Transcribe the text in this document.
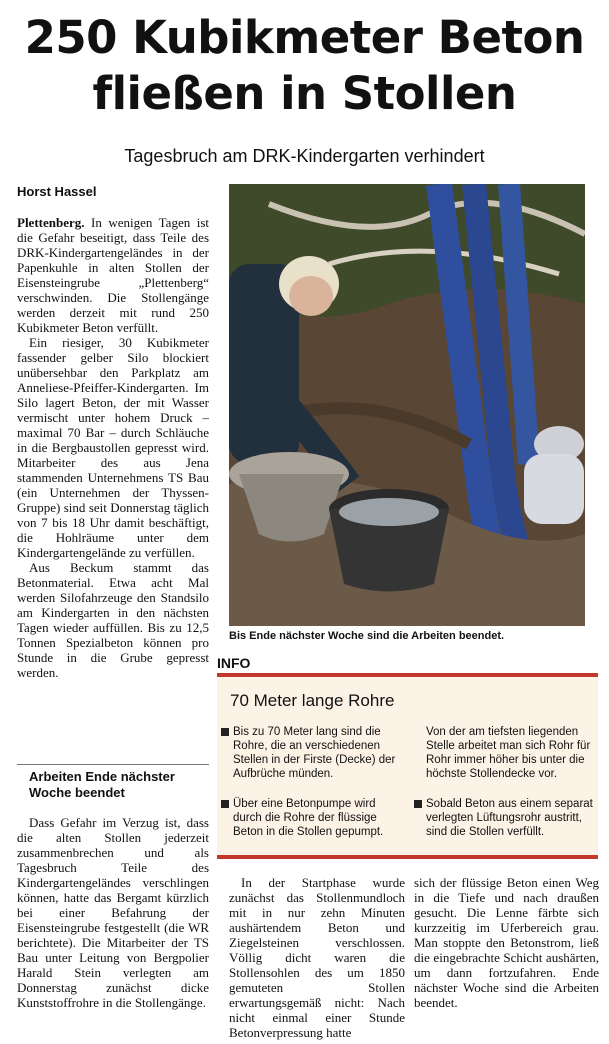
250 Kubikmeter Beton
fließen in Stollen
Tagesbruch am DRK-Kindergarten verhindert
Horst Hassel

Plettenberg. In wenigen Tagen ist die Gefahr beseitigt, dass Teile des DRK-Kindergartengeländes in der Papenkuhle in alten Stollen der Eisensteingrube „Plettenberg“ verschwinden. Die Stollengänge werden derzeit mit rund 250 Kubikmeter Beton verfüllt.

Ein riesiger, 30 Kubikmeter fassender gelber Silo blockiert unübersehbar den Parkplatz am Anneliese-Pfeiffer-Kindergarten. Im Silo lagert Beton, der mit Wasser vermischt unter hohem Druck – maximal 70 Bar – durch Schläuche in die Bergbaustollen gepresst wird. Mitarbeiter des aus Jena stammenden Unternehmens TS Bau (ein Unternehmen der Thyssen-Gruppe) sind seit Donnerstag täglich von 7 bis 18 Uhr damit beschäftigt, die Hohlräume unter dem Kindergartengelände zu verfüllen.

Aus Beckum stammt das Betonmaterial. Etwa acht Mal werden Silofahrzeuge den Standsilo am Kindergarten in den nächsten Tagen wieder auffüllen. Bis zu 12,5 Tonnen Spezialbeton können pro Stunde in die Grube gepresst werden.

Arbeiten Ende nächster
Woche beendet

Dass Gefahr im Verzug ist, dass die alten Stollen jederzeit zusammenbrechen und als Tagesbruch Teile des Kindergartengeländes verschlingen können, hatte das Bergamt kürzlich bei einer Befahrung der Eisensteingrube festgestellt (die WR berichtete). Die Mitarbeiter der TS Bau unter Leitung von Bergpolier Harald Stein verlegten am Donnerstag zunächst dicke Kunststoffrohre in die Stollengänge.

Bis Ende nächster Woche sind die Arbeiten beendet.
INFO
70 Meter lange Rohre
Bis zu 70 Meter lang sind die Rohre, die an verschiedenen Stellen in der Firste (Decke) der Aufbrüche münden.
Über eine Betonpumpe wird durch die Rohre der flüssige Beton in die Stollen gepumpt.
Von der am tiefsten liegenden Stelle arbeitet man sich Rohr für Rohr immer höher bis unter die höchste Stollendecke vor.
Sobald Beton aus einem separat verlegten Lüftungsrohr austritt, sind die Stollen verfüllt.

In der Startphase wurde zunächst das Stollenmundloch mit in nur zehn Minuten aushärtendem Beton und Ziegelsteinen verschlossen. Völlig dicht waren die Stollensohlen des um 1850 gemuteten Stollen erwartungsgemäß nicht: Nach nicht einmal einer Stunde Betonverpressung hatte

sich der flüssige Beton einen Weg in die Tiefe und nach draußen gesucht. Die Lenne färbte sich kurzzeitig im Uferbereich grau. Man stoppte den Betonstrom, ließ die eingebrachte Schicht aushärten, um dann fortzufahren. Ende nächster Woche sind die Arbeiten beendet.
